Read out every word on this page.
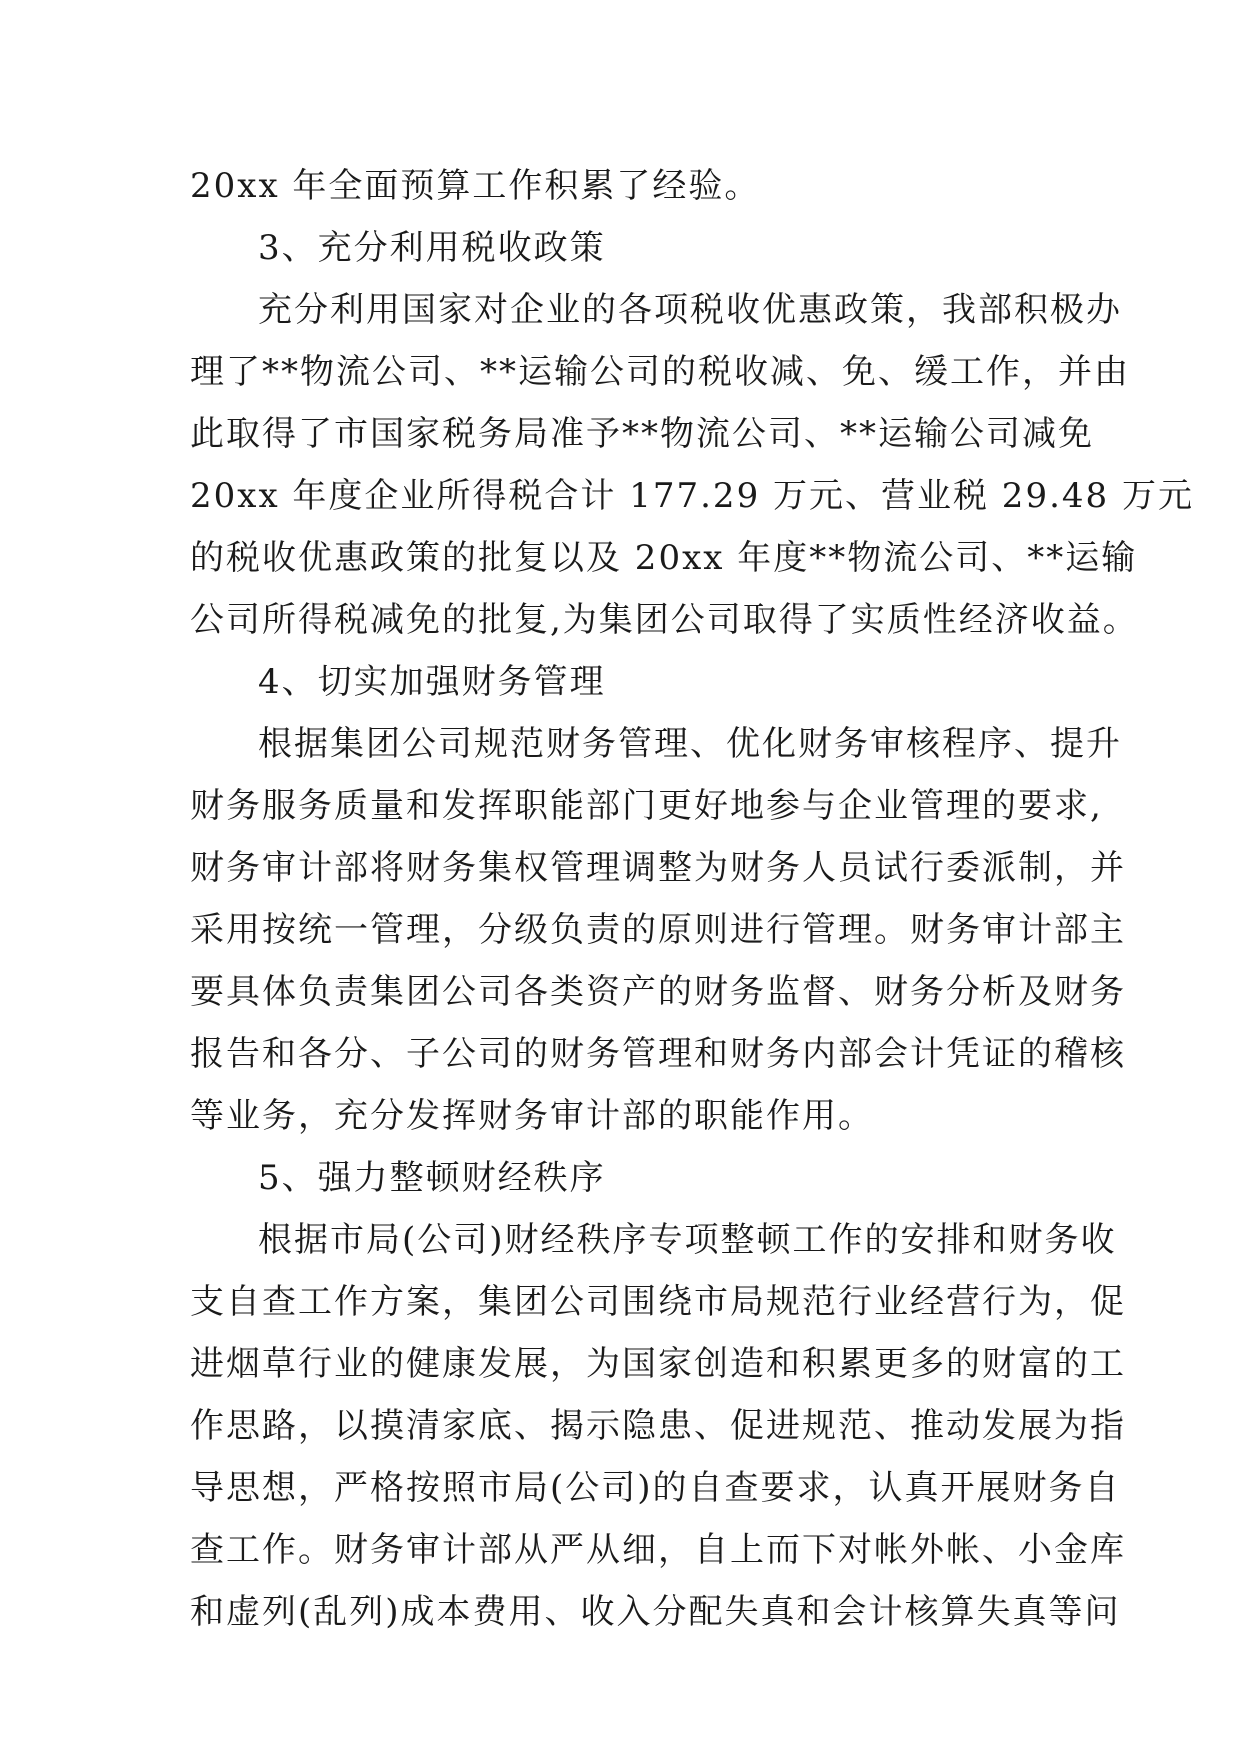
20xx 年全面预算工作积累了经验。
3、充分利用税收政策
充分利用国家对企业的各项税收优惠政策，我部积极办
理了**物流公司、**运输公司的税收减、免、缓工作，并由
此取得了市国家税务局准予**物流公司、**运输公司减免
20xx 年度企业所得税合计 177.29 万元、营业税 29.48 万元
的税收优惠政策的批复以及 20xx 年度**物流公司、**运输
公司所得税减免的批复,为集团公司取得了实质性经济收益。
4、切实加强财务管理
根据集团公司规范财务管理、优化财务审核程序、提升
财务服务质量和发挥职能部门更好地参与企业管理的要求,
财务审计部将财务集权管理调整为财务人员试行委派制，并
采用按统一管理，分级负责的原则进行管理。财务审计部主
要具体负责集团公司各类资产的财务监督、财务分析及财务
报告和各分、子公司的财务管理和财务内部会计凭证的稽核
等业务，充分发挥财务审计部的职能作用。
5、强力整顿财经秩序
根据市局(公司)财经秩序专项整顿工作的安排和财务收
支自查工作方案，集团公司围绕市局规范行业经营行为，促
进烟草行业的健康发展，为国家创造和积累更多的财富的工
作思路，以摸清家底、揭示隐患、促进规范、推动发展为指
导思想，严格按照市局(公司)的自查要求，认真开展财务自
查工作。财务审计部从严从细，自上而下对帐外帐、小金库
和虚列(乱列)成本费用、收入分配失真和会计核算失真等问
